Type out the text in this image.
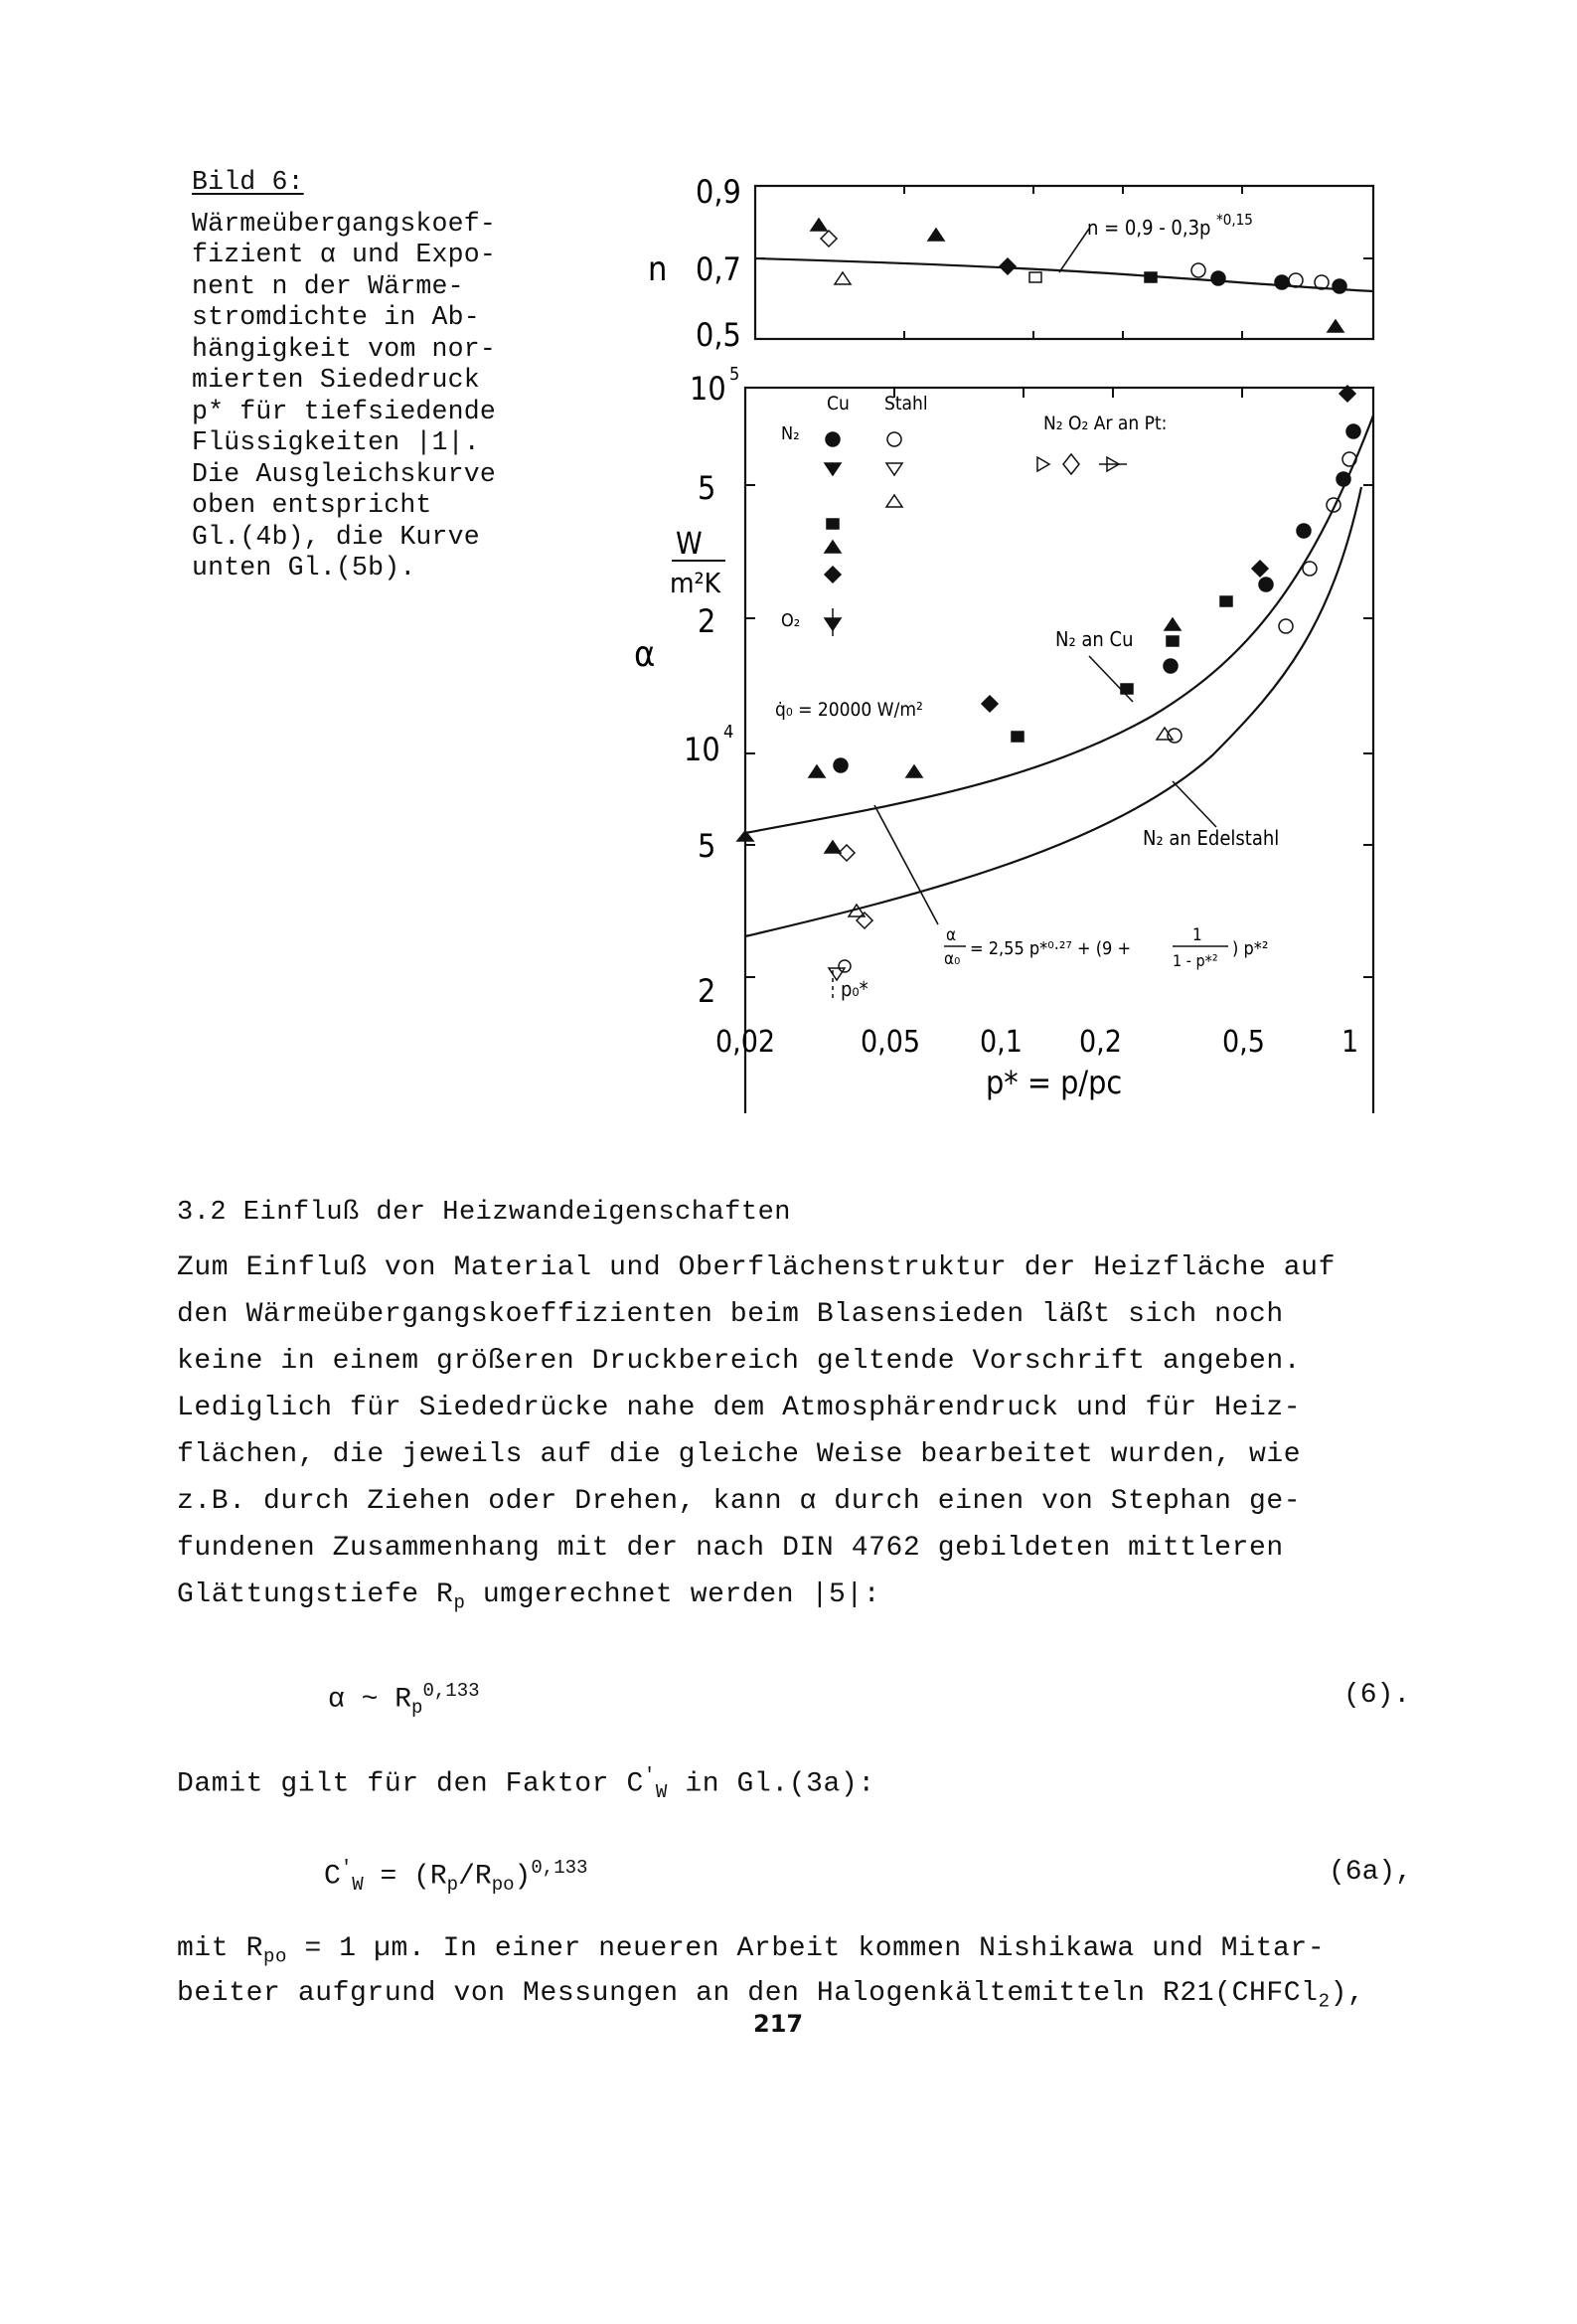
Bild 6:
Wärmeübergangskoef-
fizient α und Expo-
nent n der Wärme-
stromdichte in Ab-
hängigkeit vom nor-
mierten Siededruck
p* für tiefsiedende
Flüssigkeiten |1|.
Die Ausgleichskurve
oben entspricht
Gl.(4b), die Kurve
unten Gl.(5b).
0,9
0,7
0,5
n
n = 0,9 - 0,3p *0,15
10 5
5
W
m²K
2
α
10 4
5
2
Cu Stahl
N₂
O₂
N₂ O₂ Ar an Pt:
q̇₀ = 20000 W/m²
N₂ an Cu
N₂ an Edelstahl
p₀*
α
α₀ = 2,55 p*⁰·²⁷ + (9 +
1
1 - p*²
) p*²
0,02	0,05 0,1 0,2	0,5	1
p* = p/pc
3.2 Einfluß der Heizwandeigenschaften
Zum Einfluß von Material und Oberflächenstruktur der Heizfläche auf
den Wärmeübergangskoeffizienten beim Blasensieden läßt sich noch
keine in einem größeren Druckbereich geltende Vorschrift angeben.
Lediglich für Siededrücke nahe dem Atmosphärendruck und für Heiz-
flächen, die jeweils auf die gleiche Weise bearbeitet wurden, wie
z.B. durch Ziehen oder Drehen, kann α durch einen von Stephan ge-
fundenen Zusammenhang mit der nach DIN 4762 gebildeten mittleren
Glättungstiefe $R_p$ umgerechnet werden |5|:
α ~ $R_p^{0,133}$	(6).
Damit gilt für den Faktor $C'_W$ in Gl.(3a):
$C'_W = (R_p/R_{po})^{0,133}$	(6a),
mit $R_{po} = 1$ µm. In einer neueren Arbeit kommen Nishikawa und Mitar-
beiter aufgrund von Messungen an den Halogenkältemitteln R21(CHFCl$_2$),
217
